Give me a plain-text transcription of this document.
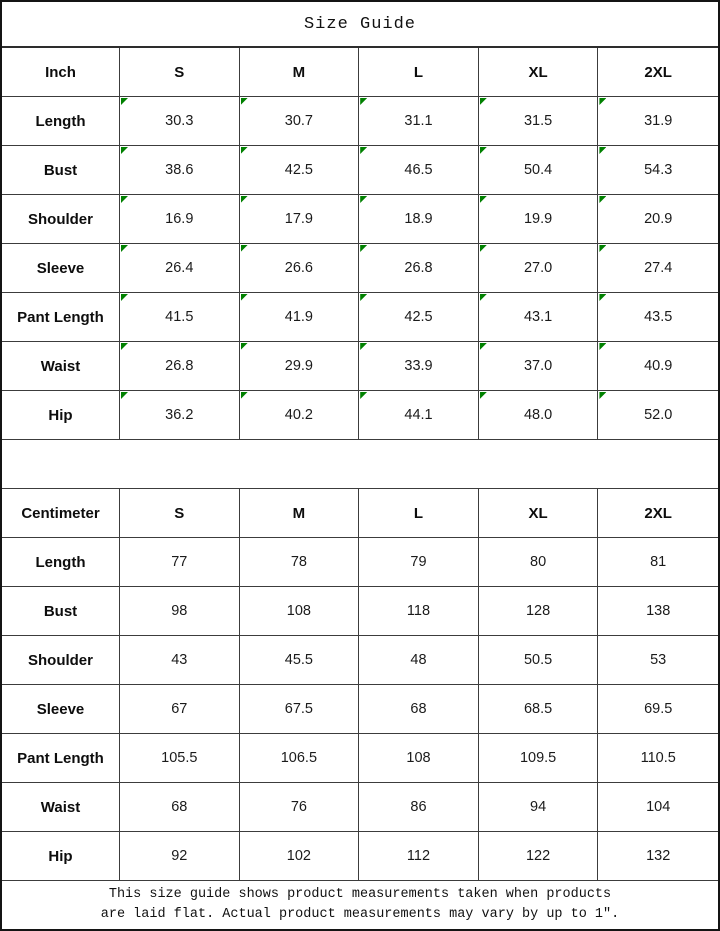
Size Guide
Inch	S	M	L	XL	2XL
Length	30.3	30.7	31.1	31.5	31.9
Bust	38.6	42.5	46.5	50.4	54.3
Shoulder	16.9	17.9	18.9	19.9	20.9
Sleeve	26.4	26.6	26.8	27.0	27.4
Pant Length	41.5	41.9	42.5	43.1	43.5
Waist	26.8	29.9	33.9	37.0	40.9
Hip	36.2	40.2	44.1	48.0	52.0
Centimeter	S	M	L	XL	2XL
Length	77	78	79	80	81
Bust	98	108	118	128	138
Shoulder	43	45.5	48	50.5	53
Sleeve	67	67.5	68	68.5	69.5
Pant Length	105.5	106.5	108	109.5	110.5
Waist	68	76	86	94	104
Hip	92	102	112	122	132
This size guide shows product measurements taken when products
are laid flat. Actual product measurements may vary by up to 1″.
